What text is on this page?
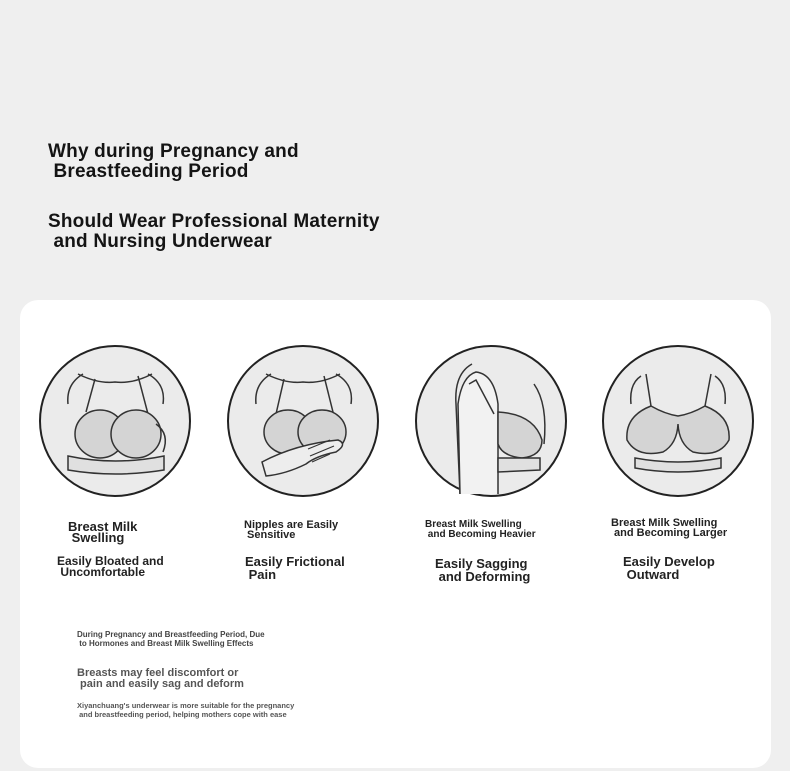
Why during Pregnancy and
Breastfeeding Period
Should Wear Professional Maternity
and Nursing Underwear
Breast Milk
Swelling
Easily Bloated and
Uncomfortable
Nipples are Easily
Sensitive
Easily Frictional
Pain
Breast Milk Swelling
and Becoming Heavier
Easily Sagging
and Deforming
Breast Milk Swelling
and Becoming Larger
Easily Develop
Outward
During Pregnancy and Breastfeeding Period, Due
to Hormones and Breast Milk Swelling Effects
Breasts may feel discomfort or
pain and easily sag and deform
Xiyanchuang's underwear is more suitable for the pregnancy
and breastfeeding period, helping mothers cope with ease
